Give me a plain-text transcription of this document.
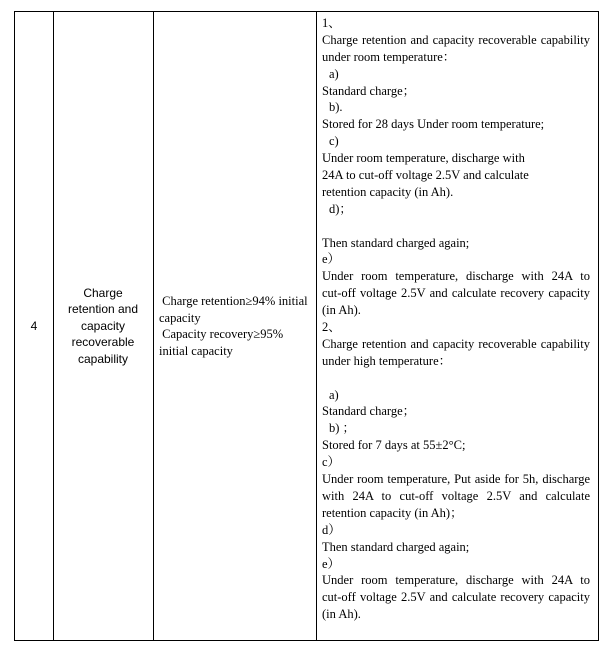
4
Charge retention and capacity recoverable capability
Charge retention≥94% initial capacity
Capacity recovery≥95% initial capacity
1、
Charge retention and capacity recoverable capability
under room temperature：
a)
Standard charge；
b).
Stored for 28 days Under room temperature;
c)
Under room temperature, discharge with
24A to cut-off voltage 2.5V and calculate
retention capacity (in Ah).
d)；
Then standard charged again;
e）
Under room temperature, discharge with 24A to
cut-off voltage 2.5V and calculate recovery capacity
(in Ah).
2、
Charge retention and capacity recoverable capability
under high temperature：
a)
Standard charge；
b) ；
Stored for 7 days at 55±2°C;
c）
Under room temperature, Put aside for 5h, discharge
with 24A to cut-off voltage 2.5V and calculate
retention capacity (in Ah)；
d）
Then standard charged again;
e）
Under room temperature, discharge with 24A to
cut-off voltage 2.5V and calculate recovery capacity
(in Ah).
